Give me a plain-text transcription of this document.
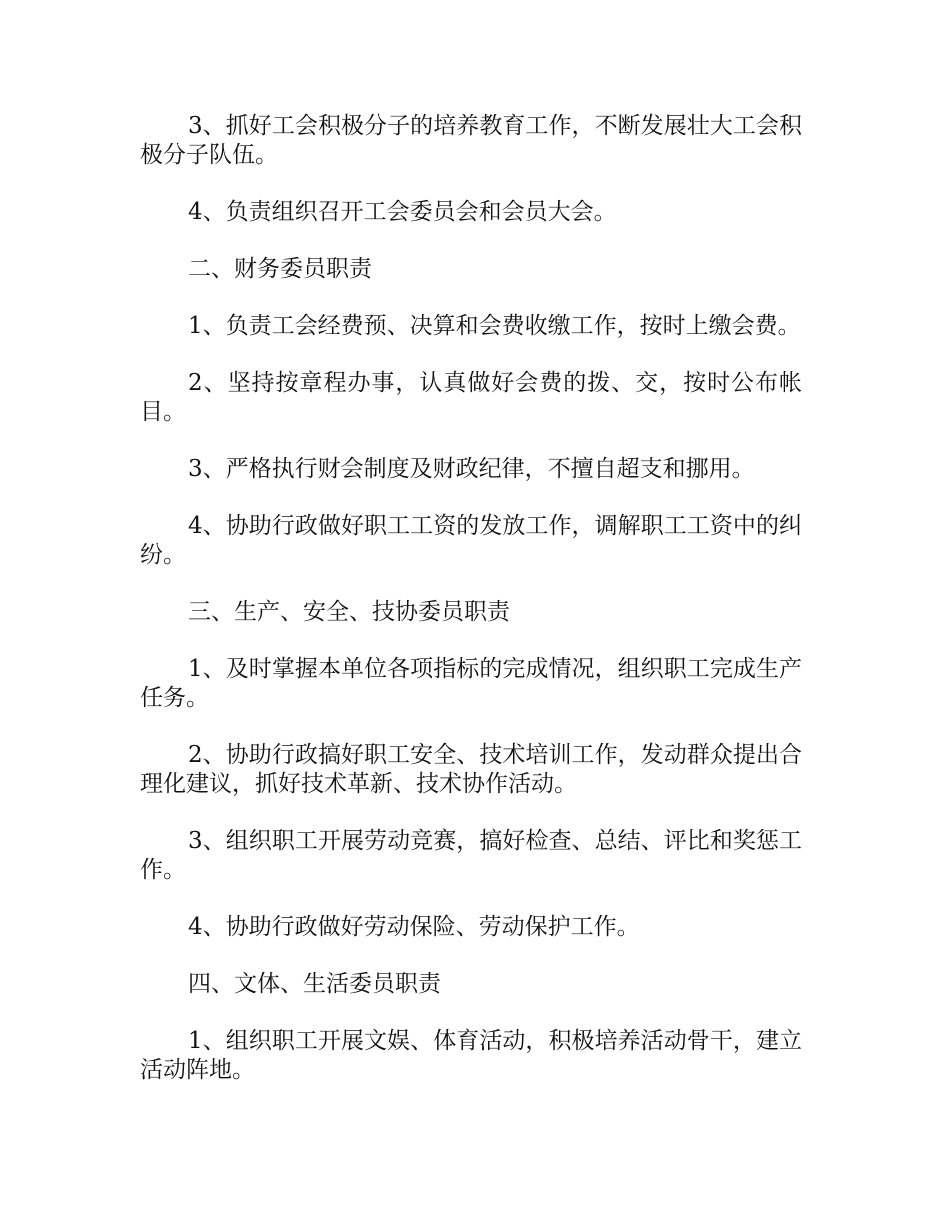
3、抓好工会积极分子的培养教育工作，不断发展壮大工会积极分子队伍。

4、负责组织召开工会委员会和会员大会。

二、财务委员职责

1、负责工会经费预、决算和会费收缴工作，按时上缴会费。

2、坚持按章程办事，认真做好会费的拨、交，按时公布帐目。

3、严格执行财会制度及财政纪律，不擅自超支和挪用。

4、协助行政做好职工工资的发放工作，调解职工工资中的纠纷。

三、生产、安全、技协委员职责

1、及时掌握本单位各项指标的完成情况，组织职工完成生产任务。

2、协助行政搞好职工安全、技术培训工作，发动群众提出合理化建议，抓好技术革新、技术协作活动。

3、组织职工开展劳动竞赛，搞好检查、总结、评比和奖惩工作。

4、协助行政做好劳动保险、劳动保护工作。

四、文体、生活委员职责

1、组织职工开展文娱、体育活动，积极培养活动骨干，建立活动阵地。
